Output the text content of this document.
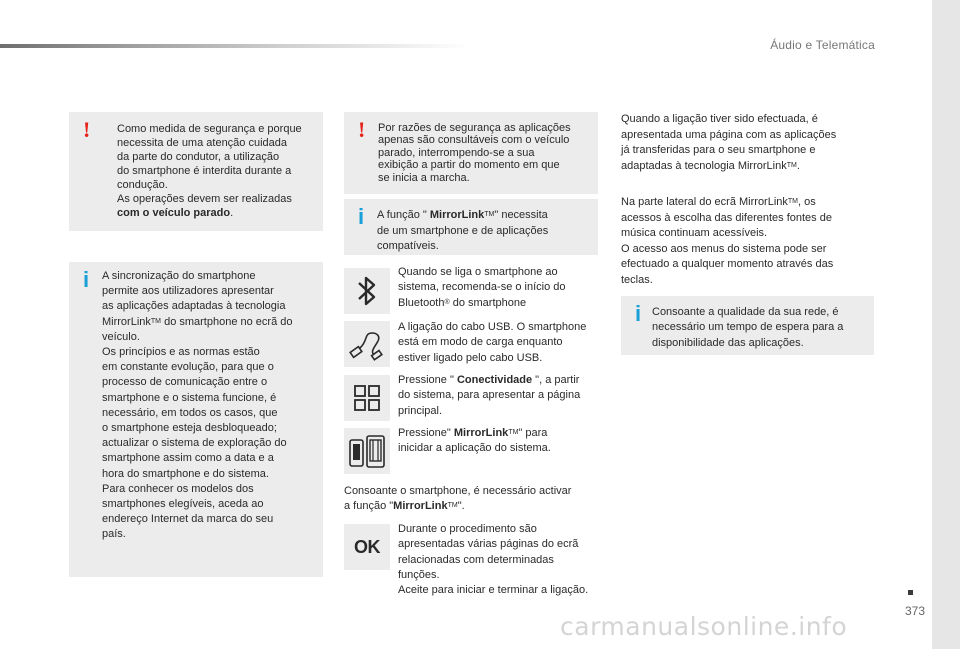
Áudio e Telemática
! Como medida de segurança e porque
necessita de uma atenção cuidada
da parte do condutor, a utilização
do smartphone é interdita durante a
condução.
As operações devem ser realizadas
com o veículo parado.
i A sincronização do smartphone
permite aos utilizadores apresentar
as aplicações adaptadas à tecnologia
MirrorLink™ do smartphone no ecrã do
veículo.
Os princípios e as normas estão
em constante evolução, para que o
processo de comunicação entre o
smartphone e o sistema funcione, é
necessário, em todos os casos, que
o smartphone esteja desbloqueado;
actualizar o sistema de exploração do
smartphone assim como a data e a
hora do smartphone e do sistema.
Para conhecer os modelos dos
smartphones elegíveis, aceda ao
endereço Internet da marca do seu
país.
! Por razões de segurança as aplicações
apenas são consultáveis com o veículo
parado, interrompendo-se a sua
exibição a partir do momento em que
se inicia a marcha.
i A função " MirrorLink™" necessita
de um smartphone e de aplicações
compatíveis.
Quando se liga o smartphone ao
sistema, recomenda-se o início do
Bluetooth® do smartphone
A ligação do cabo USB. O smartphone
está em modo de carga enquanto
estiver ligado pelo cabo USB.
Pressione " Conectividade ", a partir
do sistema, para apresentar a página
principal.
Pressione" MirrorLink™" para
inicidar a aplicação do sistema.
Consoante o smartphone, é necessário activar
a função "MirrorLink™".
OK
Durante o procedimento são
apresentadas várias páginas do ecrã
relacionadas com determinadas
funções.
Aceite para iniciar e terminar a ligação.
Quando a ligação tiver sido efectuada, é
apresentada uma página com as aplicações
já transferidas para o seu smartphone e
adaptadas à tecnologia MirrorLink™.
Na parte lateral do ecrã MirrorLink™, os
acessos à escolha das diferentes fontes de
música continuam acessíveis.
O acesso aos menus do sistema pode ser
efectuado a qualquer momento através das
teclas.
i Consoante a qualidade da sua rede, é
necessário um tempo de espera para a
disponibilidade das aplicações.
373
carmanualsonline.info
